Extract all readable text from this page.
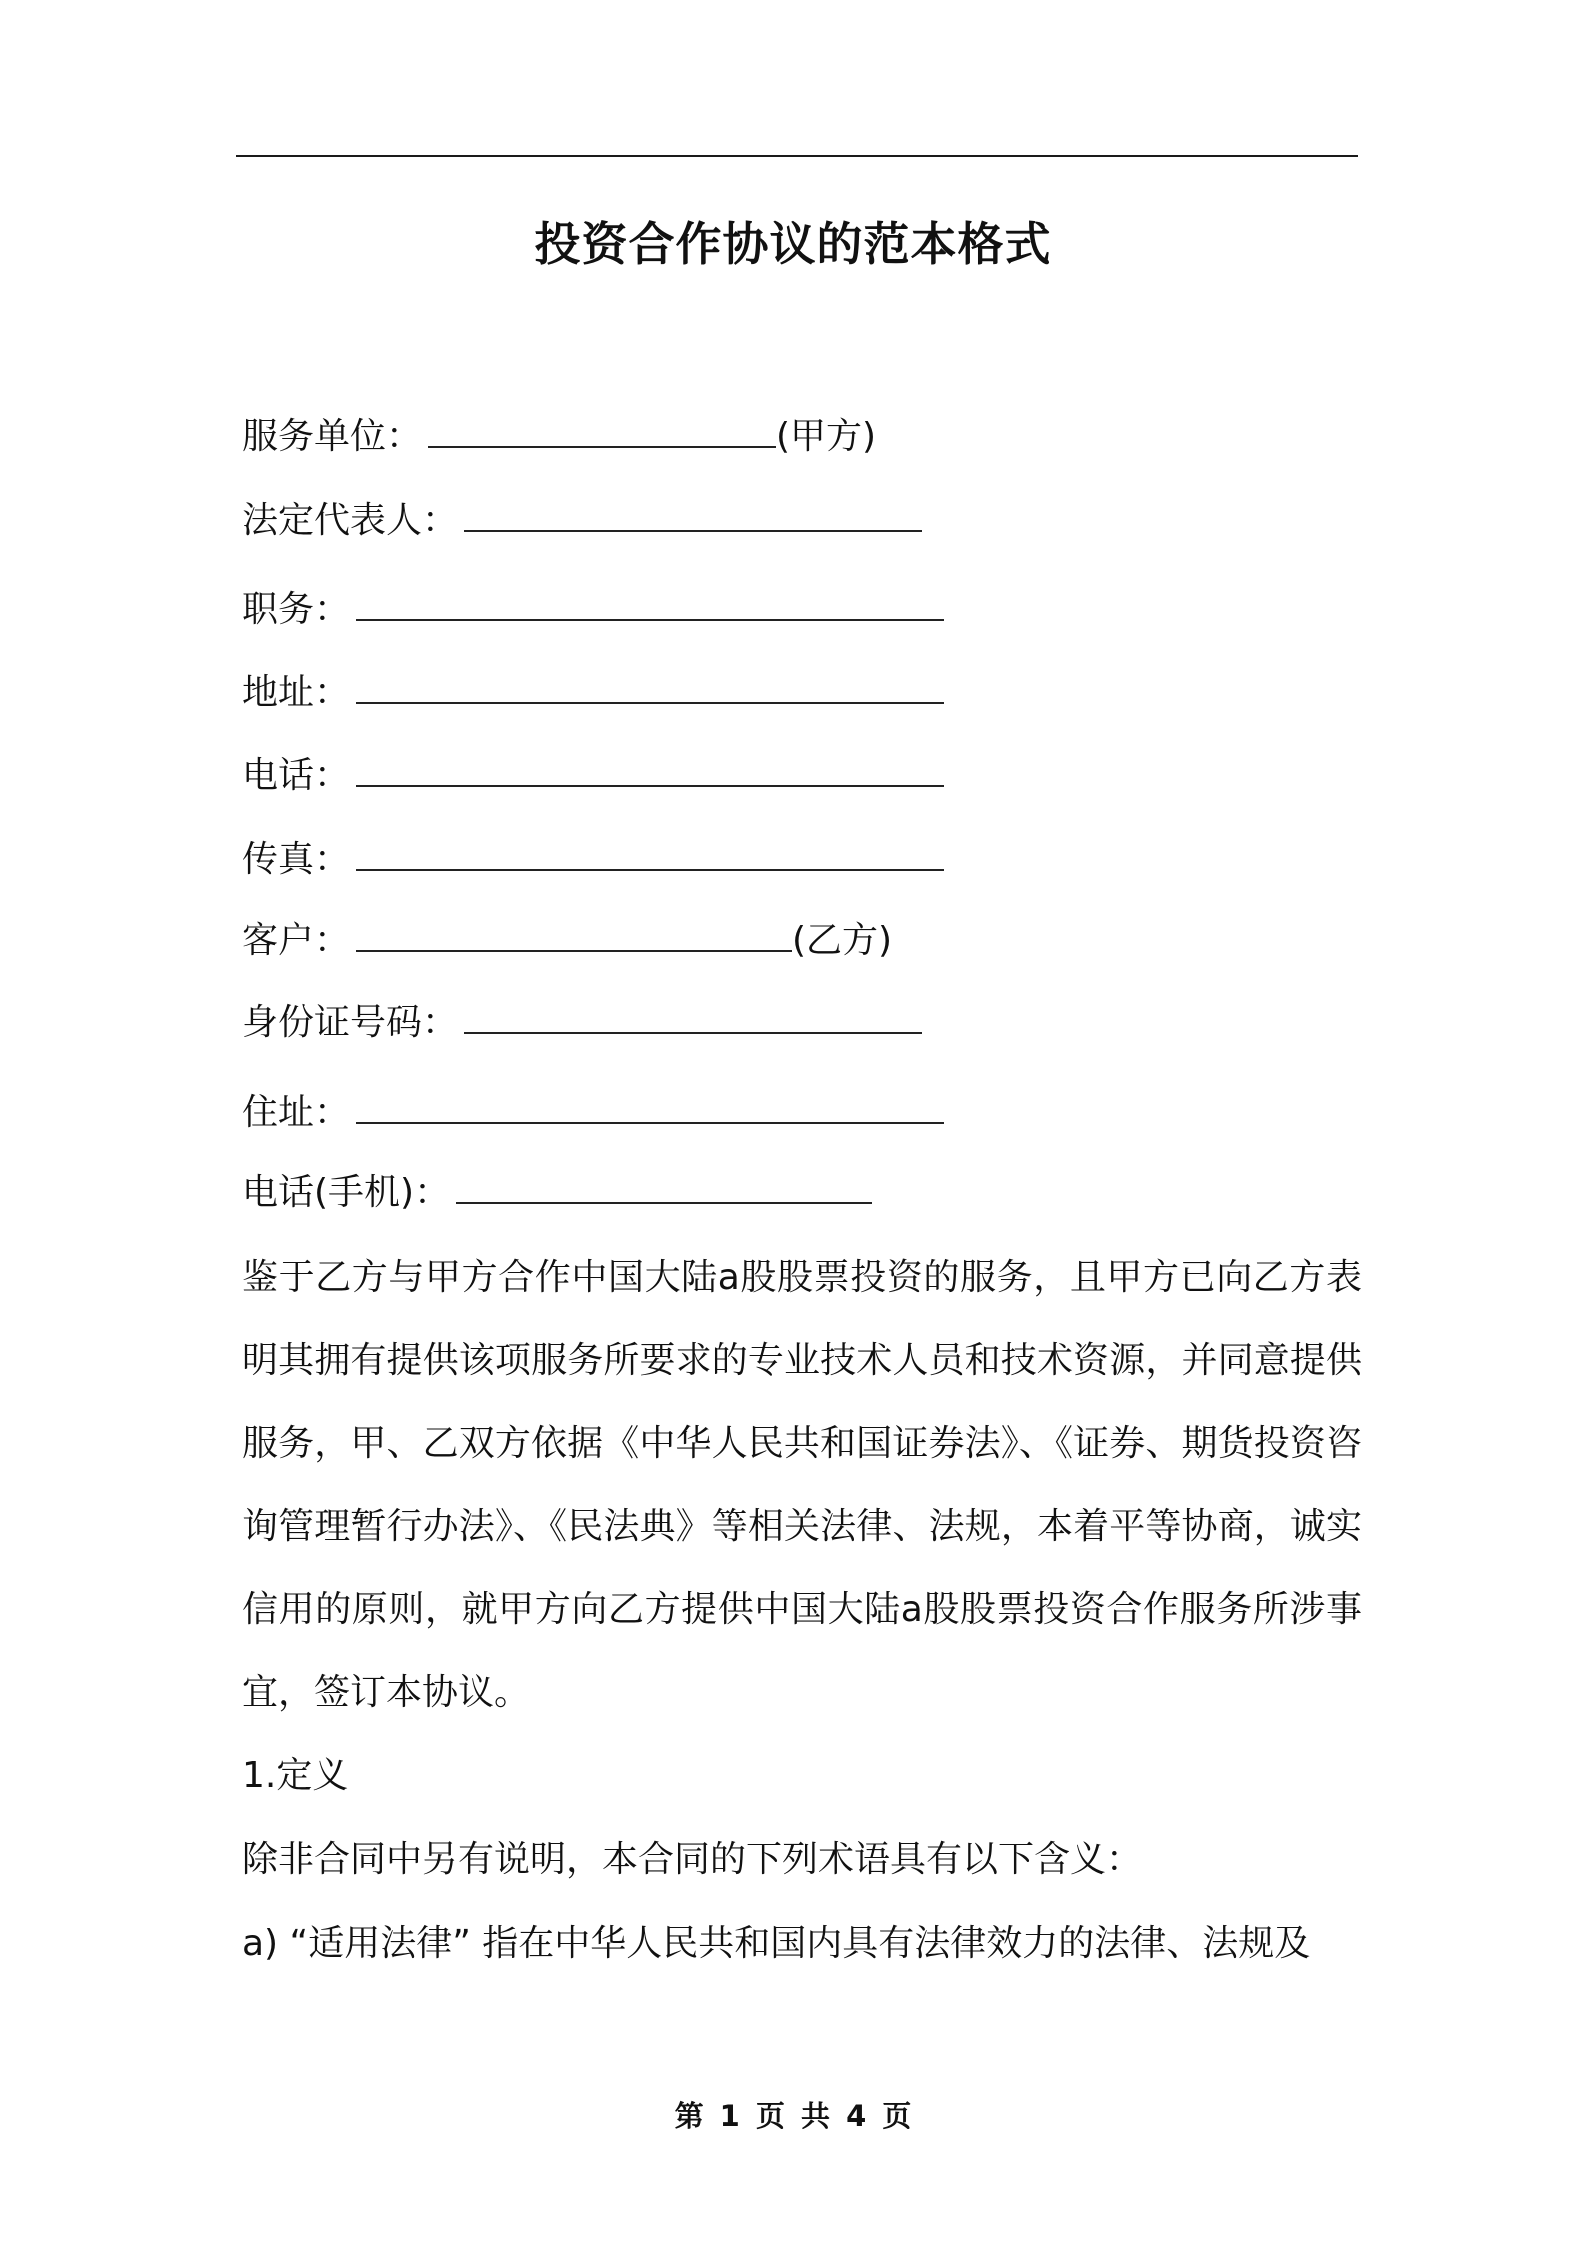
投资合作协议的范本格式
服务单位：	(甲方)
法定代表人：
职务：
地址：
电话：
传真：
客户：	(乙方)
身份证号码：
住址：
电话(手机)：
鉴于乙方与甲方合作中国大陆a股股票投资的服务，且甲方已向乙方表明其拥有提供该项服务所要求的专业技术人员和技术资源，并同意提供服务，甲、乙双方依据《中华人民共和国证券法》、《证券、期货投资咨询管理暂行办法》、《民法典》等相关法律、法规，本着平等协商，诚实信用的原则，就甲方向乙方提供中国大陆a股股票投资合作服务所涉事宜，签订本协议。
1.定义
除非合同中另有说明，本合同的下列术语具有以下含义：
a) “适用法律” 指在中华人民共和国内具有法律效力的法律、法规及
第 1 页 共 4 页
